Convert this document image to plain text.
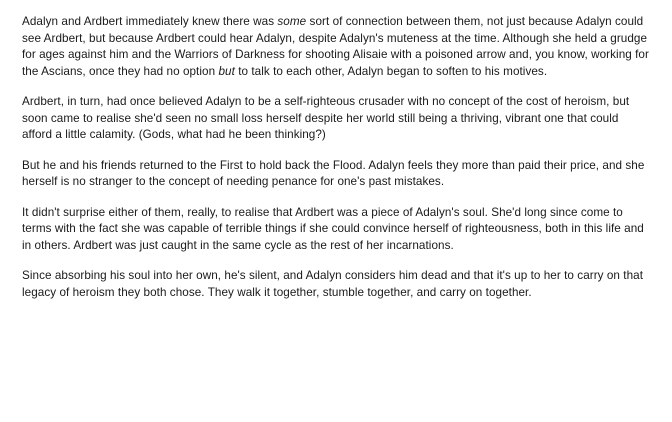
Adalyn and Ardbert immediately knew there was some sort of connection between them, not just because Adalyn could see Ardbert, but because Ardbert could hear Adalyn, despite Adalyn's muteness at the time. Although she held a grudge for ages against him and the Warriors of Darkness for shooting Alisaie with a poisoned arrow and, you know, working for the Ascians, once they had no option but to talk to each other, Adalyn began to soften to his motives.

Ardbert, in turn, had once believed Adalyn to be a self-righteous crusader with no concept of the cost of heroism, but soon came to realise she'd seen no small loss herself despite her world still being a thriving, vibrant one that could afford a little calamity. (Gods, what had he been thinking?)

But he and his friends returned to the First to hold back the Flood. Adalyn feels they more than paid their price, and she herself is no stranger to the concept of needing penance for one's past mistakes.

It didn't surprise either of them, really, to realise that Ardbert was a piece of Adalyn's soul. She'd long since come to terms with the fact she was capable of terrible things if she could convince herself of righteousness, both in this life and in others. Ardbert was just caught in the same cycle as the rest of her incarnations.

Since absorbing his soul into her own, he's silent, and Adalyn considers him dead and that it's up to her to carry on that legacy of heroism they both chose. They walk it together, stumble together, and carry on together.
